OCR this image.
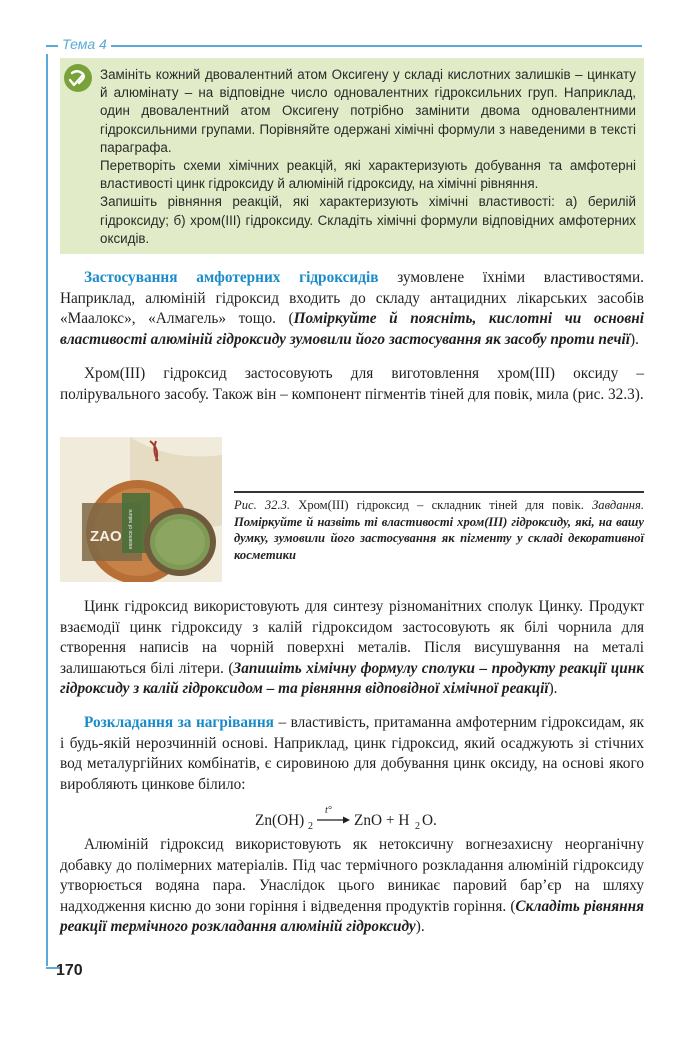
Тема 4

Замініть кожний двовалентний атом Оксигену у складі кислотних залишків – цинкату й алюмінату – на відповідне число одновалентних гідроксильних груп. Наприклад, один двовалентний атом Оксигену потрібно замінити двома одновалентними гідроксильними групами. Порівняйте одержані хімічні формули з наведеними в тексті параграфа.

Перетворіть схеми хімічних реакцій, які характеризують добування та амфотерні властивості цинк гідроксиду й алюміній гідроксиду, на хімічні рівняння.

Запишіть рівняння реакцій, які характеризують хімічні властивості: а) берилій гідроксиду; б) хром(ІІІ) гідроксиду. Складіть хімічні формули відповідних амфотерних оксидів.

Застосування амфотерних гідроксидів зумовлене їхніми властивостями. Наприклад, алюміній гідроксид входить до складу антацидних лікарських засобів «Маалокс», «Алмагель» тощо. (Поміркуйте й поясніть, кислотні чи основні властивості алюміній гідроксиду зумовили його застосування як засобу проти печії).

Хром(ІІІ) гідроксид застосовують для виготовлення хром(ІІІ) оксиду – полірувального засобу. Також він – компонент пігментів тіней для повік, мила (рис. 32.3).

ZAO essence of nature
Рис. 32.3. Хром(ІІІ) гідроксид – складник тіней для повік. Завдання. Поміркуйте й назвіть ті властивості хром(ІІІ) гідроксиду, які, на вашу думку, зумовили його застосування як пігменту у складі декоративної косметики

Цинк гідроксид використовують для синтезу різноманітних сполук Цинку. Продукт взаємодії цинк гідроксиду з калій гідроксидом застосовують як білі чорнила для створення написів на чорній поверхні металів. Після висушування на металі залишаються білі літери. (Запишіть хімічну формулу сполуки – продукту реакції цинк гідроксиду з калій гідроксидом – та рівняння відповідної хімічної реакції).

Розкладання за нагрівання – властивість, притаманна амфотерним гідроксидам, як і будь-якій нерозчинній основі. Наприклад, цинк гідроксид, який осаджують зі стічних вод металургійних комбінатів, є сировиною для добування цинк оксиду, на основі якого виробляють цинкове білило:

Zn(OH) 2
t°
ZnO + H 2 O.

Алюміній гідроксид використовують як нетоксичну вогнезахисну неорганічну добавку до полімерних матеріалів. Під час термічного розкладання алюміній гідроксиду утворюється водяна пара. Унаслідок цього виникає паровий бар’єр на шляху надходження кисню до зони горіння і відведення продуктів горіння. (Складіть рівняння реакції термічного розкладання алюміній гідроксиду).

170
